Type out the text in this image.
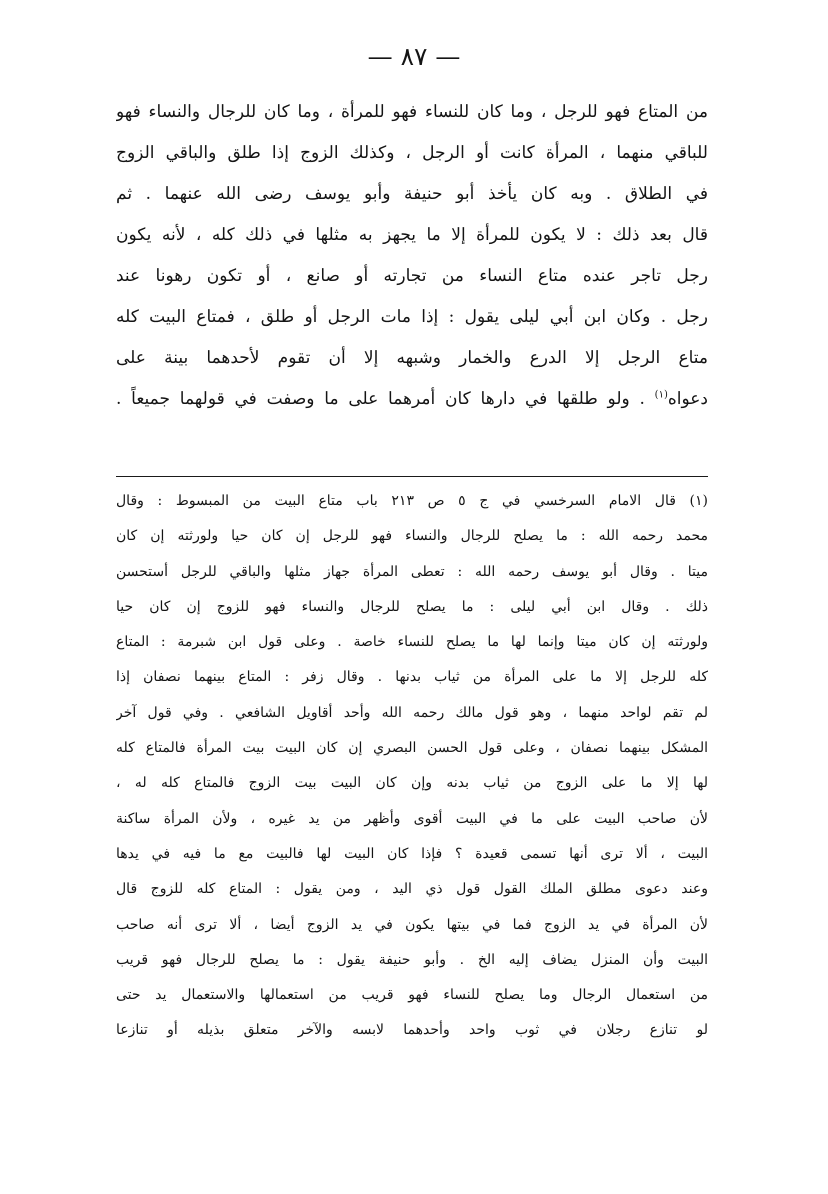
— ٨٧ —
من المتاع فهو للرجل ، وما كان للنساء فهو للمرأة ، وما كان للرجال والنساء فهو
للباقي منهما ، المرأة كانت أو الرجل ، وكذلك الزوج إذا طلق والباقي الزوج
في الطلاق . وبه كان يأخذ أبو حنيفة وأبو يوسف رضى الله عنهما . ثم
قال بعد ذلك : لا يكون للمرأة إلا ما يجهز به مثلها في ذلك كله ، لأنه يكون
رجل تاجر عنده متاع النساء من تجارته أو صانع ، أو تكون رهونا عند
رجل . وكان ابن أبي ليلى يقول : إذا مات الرجل أو طلق ، فمتاع البيت كله
متاع الرجل إلا الدرع والخمار وشبهه إلا أن تقوم لأحدهما بينة على
دعواه$^{(١)}$ . ولو طلقها في دارها كان أمرهما على ما وصفت في قولهما جميعاً .
(١) قال الامام السرخسي في ج ٥ ص ٢١٣ باب متاع البيت من المبسوط : وقال
محمد رحمه الله : ما يصلح للرجال والنساء فهو للرجل إن كان حيا ولورثته إن كان
ميتا . وقال أبو يوسف رحمه الله : تعطى المرأة جهاز مثلها والباقي للرجل أستحسن
ذلك . وقال ابن أبي ليلى : ما يصلح للرجال والنساء فهو للزوج إن كان حيا
ولورثته إن كان ميتا وإنما لها ما يصلح للنساء خاصة . وعلى قول ابن شبرمة : المتاع
كله للرجل إلا ما على المرأة من ثياب بدنها . وقال زفر : المتاع بينهما نصفان إذا
لم تقم لواحد منهما ، وهو قول مالك رحمه الله وأحد أقاويل الشافعي . وفي قول آخر
المشكل بينهما نصفان ، وعلى قول الحسن البصري إن كان البيت بيت المرأة فالمتاع كله
لها إلا ما على الزوج من ثياب بدنه وإن كان البيت بيت الزوج فالمتاع كله له ،
لأن صاحب البيت على ما في البيت أقوى وأظهر من يد غيره ، ولأن المرأة ساكنة
البيت ، ألا ترى أنها تسمى قعيدة ؟ فإذا كان البيت لها فالبيت مع ما فيه في يدها
وعند دعوى مطلق الملك القول قول ذي اليد ، ومن يقول : المتاع كله للزوج قال
لأن المرأة في يد الزوج فما في بيتها يكون في يد الزوج أيضا ، ألا ترى أنه صاحب
البيت وأن المنزل يضاف إليه الخ . وأبو حنيفة يقول : ما يصلح للرجال فهو قريب
من استعمال الرجال وما يصلح للنساء فهو قريب من استعمالها والاستعمال يد حتى
لو تنازع رجلان في ثوب واحد وأحدهما لابسه والآخر متعلق بذيله أو تنازعا
